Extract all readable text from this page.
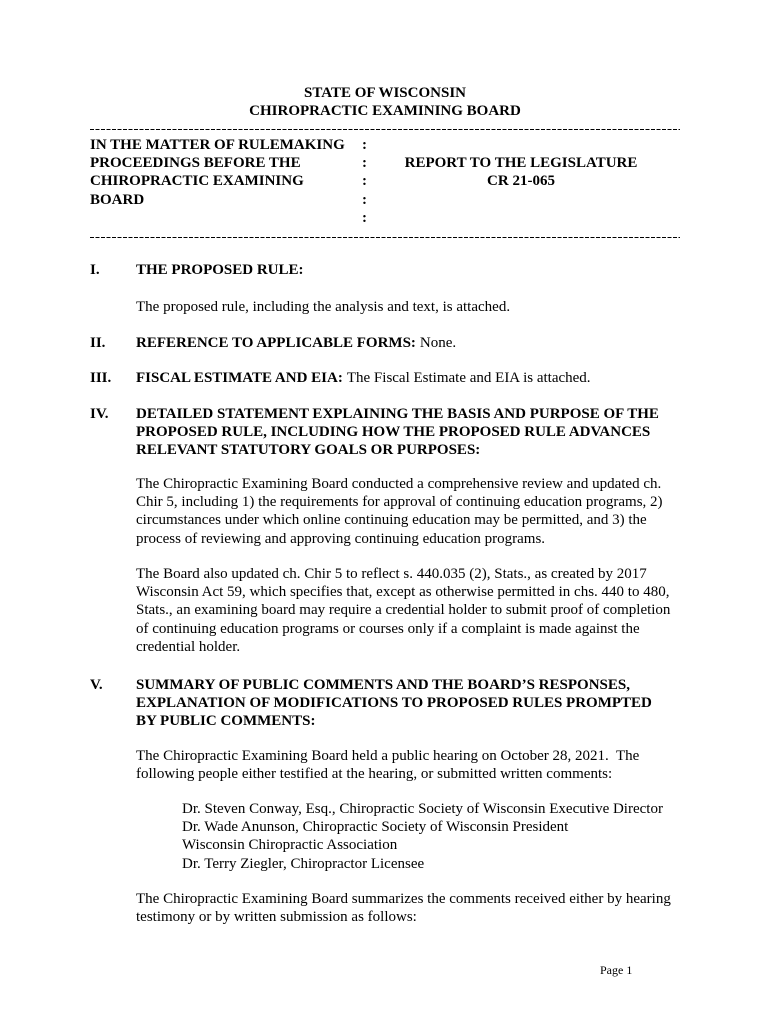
STATE OF WISCONSIN
CHIROPRACTIC EXAMINING BOARD
IN THE MATTER OF RULEMAKING
PROCEEDINGS BEFORE THE
CHIROPRACTIC EXAMINING
BOARD
:
:
:
:
:
REPORT TO THE LEGISLATURE
CR 21-065
I. THE PROPOSED RULE:
The proposed rule, including the analysis and text, is attached.
II. REFERENCE TO APPLICABLE FORMS: None.
III. FISCAL ESTIMATE AND EIA: The Fiscal Estimate and EIA is attached.
IV. DETAILED STATEMENT EXPLAINING THE BASIS AND PURPOSE OF THE
PROPOSED RULE, INCLUDING HOW THE PROPOSED RULE ADVANCES
RELEVANT STATUTORY GOALS OR PURPOSES:
The Chiropractic Examining Board conducted a comprehensive review and updated ch.
Chir 5, including 1) the requirements for approval of continuing education programs, 2)
circumstances under which online continuing education may be permitted, and 3) the
process of reviewing and approving continuing education programs.
The Board also updated ch. Chir 5 to reflect s. 440.035 (2), Stats., as created by 2017
Wisconsin Act 59, which specifies that, except as otherwise permitted in chs. 440 to 480,
Stats., an examining board may require a credential holder to submit proof of completion
of continuing education programs or courses only if a complaint is made against the
credential holder.
V. SUMMARY OF PUBLIC COMMENTS AND THE BOARD’S RESPONSES,
EXPLANATION OF MODIFICATIONS TO PROPOSED RULES PROMPTED
BY PUBLIC COMMENTS:
The Chiropractic Examining Board held a public hearing on October 28, 2021.  The
following people either testified at the hearing, or submitted written comments:
Dr. Steven Conway, Esq., Chiropractic Society of Wisconsin Executive Director
Dr. Wade Anunson, Chiropractic Society of Wisconsin President
Wisconsin Chiropractic Association
Dr. Terry Ziegler, Chiropractor Licensee
The Chiropractic Examining Board summarizes the comments received either by hearing
testimony or by written submission as follows:
Page 1
